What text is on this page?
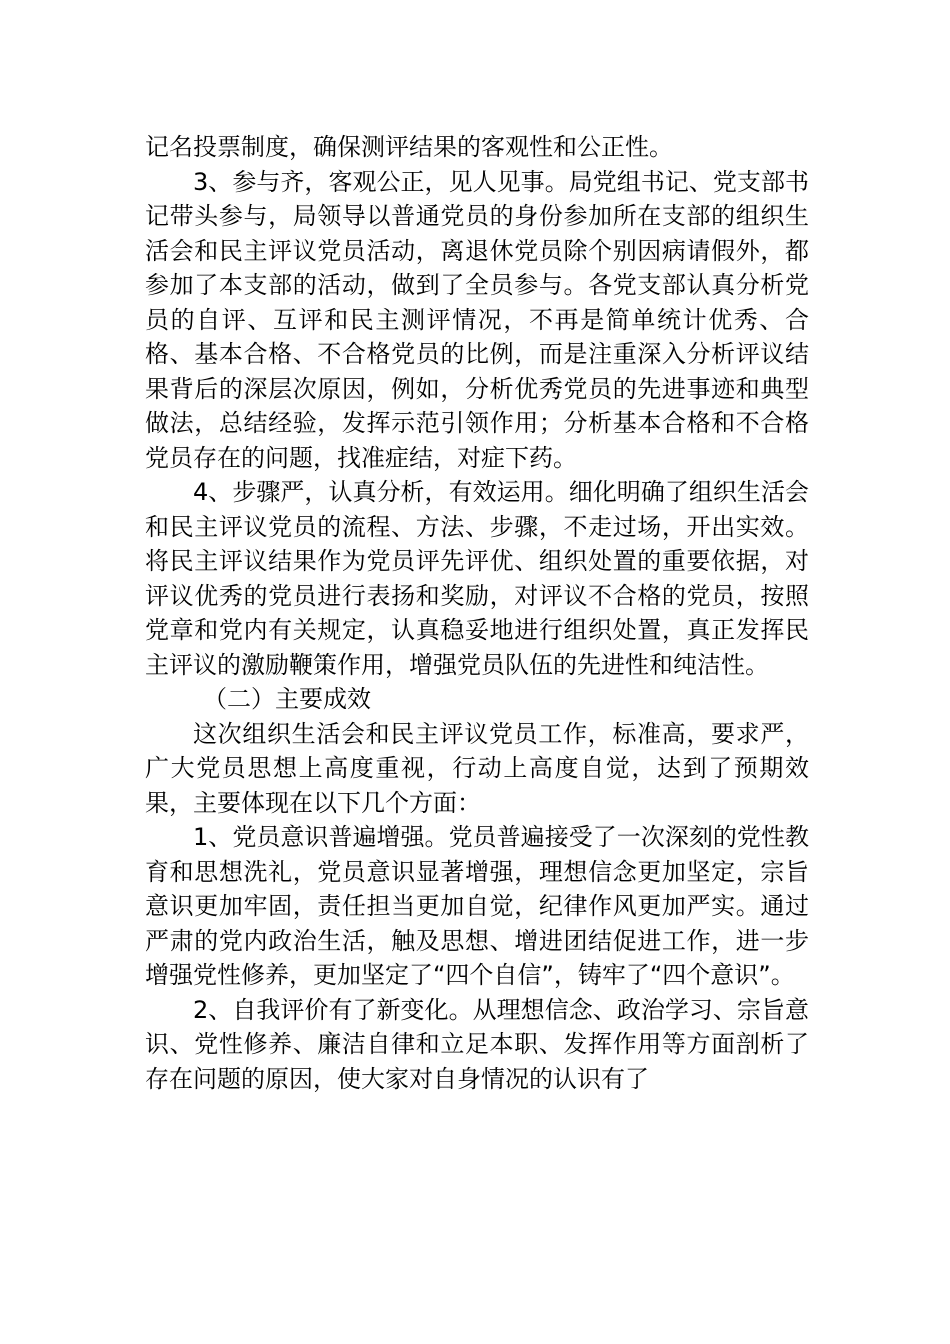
记名投票制度，确保测评结果的客观性和公正性。

3、参与齐，客观公正，见人见事。局党组书记、党支部书记带头参与，局领导以普通党员的身份参加所在支部的组织生活会和民主评议党员活动，离退休党员除个别因病请假外，都参加了本支部的活动，做到了全员参与。各党支部认真分析党员的自评、互评和民主测评情况，不再是简单统计优秀、合格、基本合格、不合格党员的比例，而是注重深入分析评议结果背后的深层次原因，例如，分析优秀党员的先进事迹和典型做法，总结经验，发挥示范引领作用；分析基本合格和不合格党员存在的问题，找准症结，对症下药。

4、步骤严，认真分析，有效运用。细化明确了组织生活会和民主评议党员的流程、方法、步骤，不走过场，开出实效。将民主评议结果作为党员评先评优、组织处置的重要依据，对评议优秀的党员进行表扬和奖励，对评议不合格的党员，按照党章和党内有关规定，认真稳妥地进行组织处置，真正发挥民主评议的激励鞭策作用，增强党员队伍的先进性和纯洁性。

（二）主要成效

这次组织生活会和民主评议党员工作，标准高，要求严，广大党员思想上高度重视，行动上高度自觉，达到了预期效果，主要体现在以下几个方面：

1、党员意识普遍增强。党员普遍接受了一次深刻的党性教育和思想洗礼，党员意识显著增强，理想信念更加坚定，宗旨意识更加牢固，责任担当更加自觉，纪律作风更加严实。通过严肃的党内政治生活，触及思想、增进团结促进工作，进一步增强党性修养，更加坚定了“四个自信”，铸牢了“四个意识”。

2、自我评价有了新变化。从理想信念、政治学习、宗旨意识、党性修养、廉洁自律和立足本职、发挥作用等方面剖析了存在问题的原因，使大家对自身情况的认识有了
